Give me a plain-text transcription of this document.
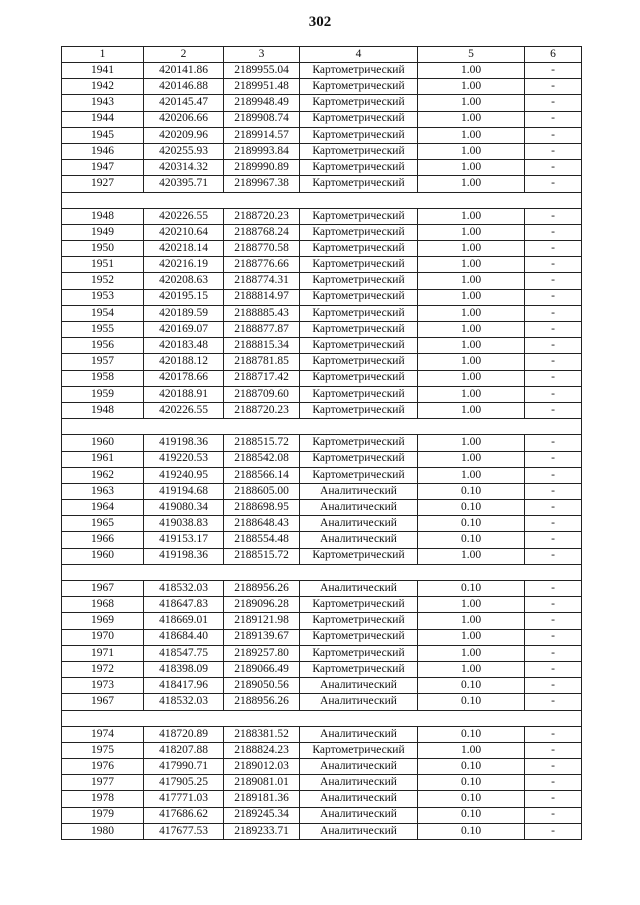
302
1	2	3	4	5	6
1941	420141.86	2189955.04	Картометрический	1.00	-
1942	420146.88	2189951.48	Картометрический	1.00	-
1943	420145.47	2189948.49	Картометрический	1.00	-
1944	420206.66	2189908.74	Картометрический	1.00	-
1945	420209.96	2189914.57	Картометрический	1.00	-
1946	420255.93	2189993.84	Картометрический	1.00	-
1947	420314.32	2189990.89	Картометрический	1.00	-
1927	420395.71	2189967.38	Картометрический	1.00	-

1948	420226.55	2188720.23	Картометрический	1.00	-
1949	420210.64	2188768.24	Картометрический	1.00	-
1950	420218.14	2188770.58	Картометрический	1.00	-
1951	420216.19	2188776.66	Картометрический	1.00	-
1952	420208.63	2188774.31	Картометрический	1.00	-
1953	420195.15	2188814.97	Картометрический	1.00	-
1954	420189.59	2188885.43	Картометрический	1.00	-
1955	420169.07	2188877.87	Картометрический	1.00	-
1956	420183.48	2188815.34	Картометрический	1.00	-
1957	420188.12	2188781.85	Картометрический	1.00	-
1958	420178.66	2188717.42	Картометрический	1.00	-
1959	420188.91	2188709.60	Картометрический	1.00	-
1948	420226.55	2188720.23	Картометрический	1.00	-

1960	419198.36	2188515.72	Картометрический	1.00	-
1961	419220.53	2188542.08	Картометрический	1.00	-
1962	419240.95	2188566.14	Картометрический	1.00	-
1963	419194.68	2188605.00	Аналитический	0.10	-
1964	419080.34	2188698.95	Аналитический	0.10	-
1965	419038.83	2188648.43	Аналитический	0.10	-
1966	419153.17	2188554.48	Аналитический	0.10	-
1960	419198.36	2188515.72	Картометрический	1.00	-

1967	418532.03	2188956.26	Аналитический	0.10	-
1968	418647.83	2189096.28	Картометрический	1.00	-
1969	418669.01	2189121.98	Картометрический	1.00	-
1970	418684.40	2189139.67	Картометрический	1.00	-
1971	418547.75	2189257.80	Картометрический	1.00	-
1972	418398.09	2189066.49	Картометрический	1.00	-
1973	418417.96	2189050.56	Аналитический	0.10	-
1967	418532.03	2188956.26	Аналитический	0.10	-

1974	418720.89	2188381.52	Аналитический	0.10	-
1975	418207.88	2188824.23	Картометрический	1.00	-
1976	417990.71	2189012.03	Аналитический	0.10	-
1977	417905.25	2189081.01	Аналитический	0.10	-
1978	417771.03	2189181.36	Аналитический	0.10	-
1979	417686.62	2189245.34	Аналитический	0.10	-
1980	417677.53	2189233.71	Аналитический	0.10	-
